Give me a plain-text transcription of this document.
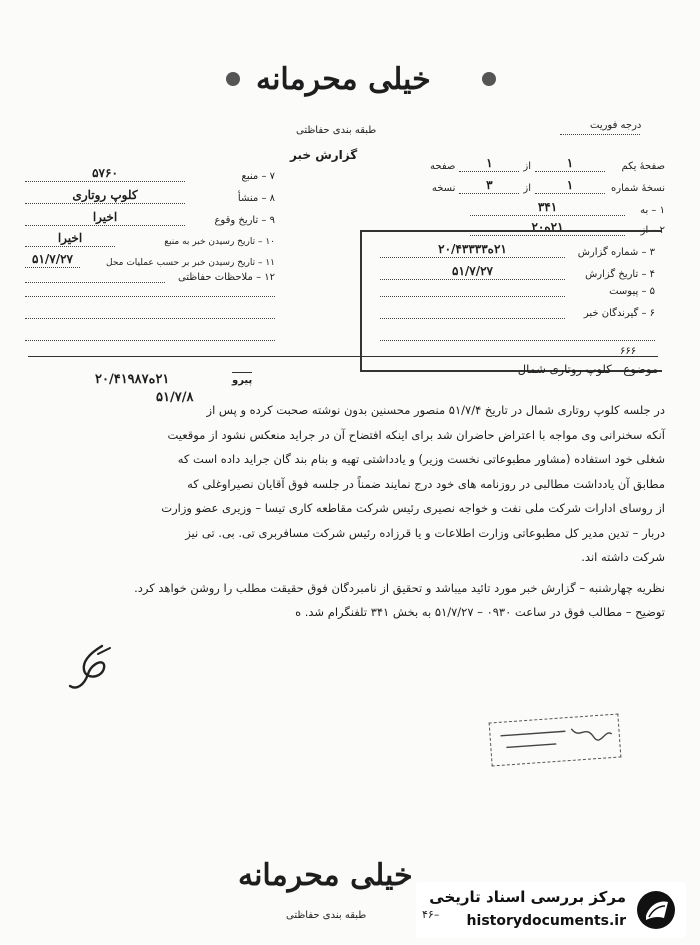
خیلی محرمانه
طبقه بندی حفاظتی
گزارش خبر
درجه فوریت
صفحهٔ یکم
۱
از
۱
صفحه
نسخهٔ شماره
۱
از
۳
نسخه
۱ – به
۳۴۱
۲ – از
۲۱ه۲۰
۷ – منبع
۵۷۶۰
۸ – منشأ
کلوپ روتاری
۹ – تاریخ وقوع
اخیرا
۱۰ – تاریخ رسیدن خبر به منبع
اخیرا
۱۱ – تاریخ رسیدن خبر بر حسب عملیات محل
۵۱/۷/۲۷
۱۲ – ملاحظات حفاظتی
۳ – شماره گزارش
۲۱ه۲۰/۴۳۳۳۳
۴ – تاریخ گزارش
۵۱/۷/۲۷
۵ – پیوست
۶ – گیرندگان خبر
۶۶۶
پیرو
۲۱ه۲۰/۴۱۹۸۷
۵۱/۷/۸
موضوع کلوپ روتاری شمال

در جلسه کلوپ روتاری شمال در تاریخ ۵۱/۷/۴ منصور محسنین بدون نوشته صحبت کرده و پس از

آنکه سخنرانی وی مواجه با اعتراض حاضران شد برای اینکه افتضاح آن در جراید منعکس نشود از موقعیت

شغلی خود استفاده (مشاور مطبوعاتی نخست وزیر) و یادداشتی تهیه و بنام بند گان جراید داده است که

مطابق آن یادداشت مطالبی در روزنامه های خود درج نمایند ضمناً در جلسه فوق آقایان نصیراوغلی که

از روسای ادارات شرکت ملی نفت و خواجه نصیری رئیس شرکت مقاطعه کاری تیسا – وزیری عضو وزارت

دربار – تدین مدیر کل مطبوعاتی وزارت اطلاعات و یا قرزاده رئیس شرکت مسافربری تی. بی. تی نیز

شرکت داشته اند.

نظریه چهارشنبه – گزارش خبر مورد تائید میباشد و تحقیق از نامبردگان فوق حقیقت مطلب را روشن خواهد کرد.

توضیح – مطالب فوق در ساعت ۰۹۳۰ – ۵۱/۷/۲۷ به بخش ۳۴۱ تلفنگرام شد. ه

خیلی محرمانه
طبقه بندی حفاظتی
مرکز بررسی اسناد تاریخی
historydocuments.ir
۴۶–
